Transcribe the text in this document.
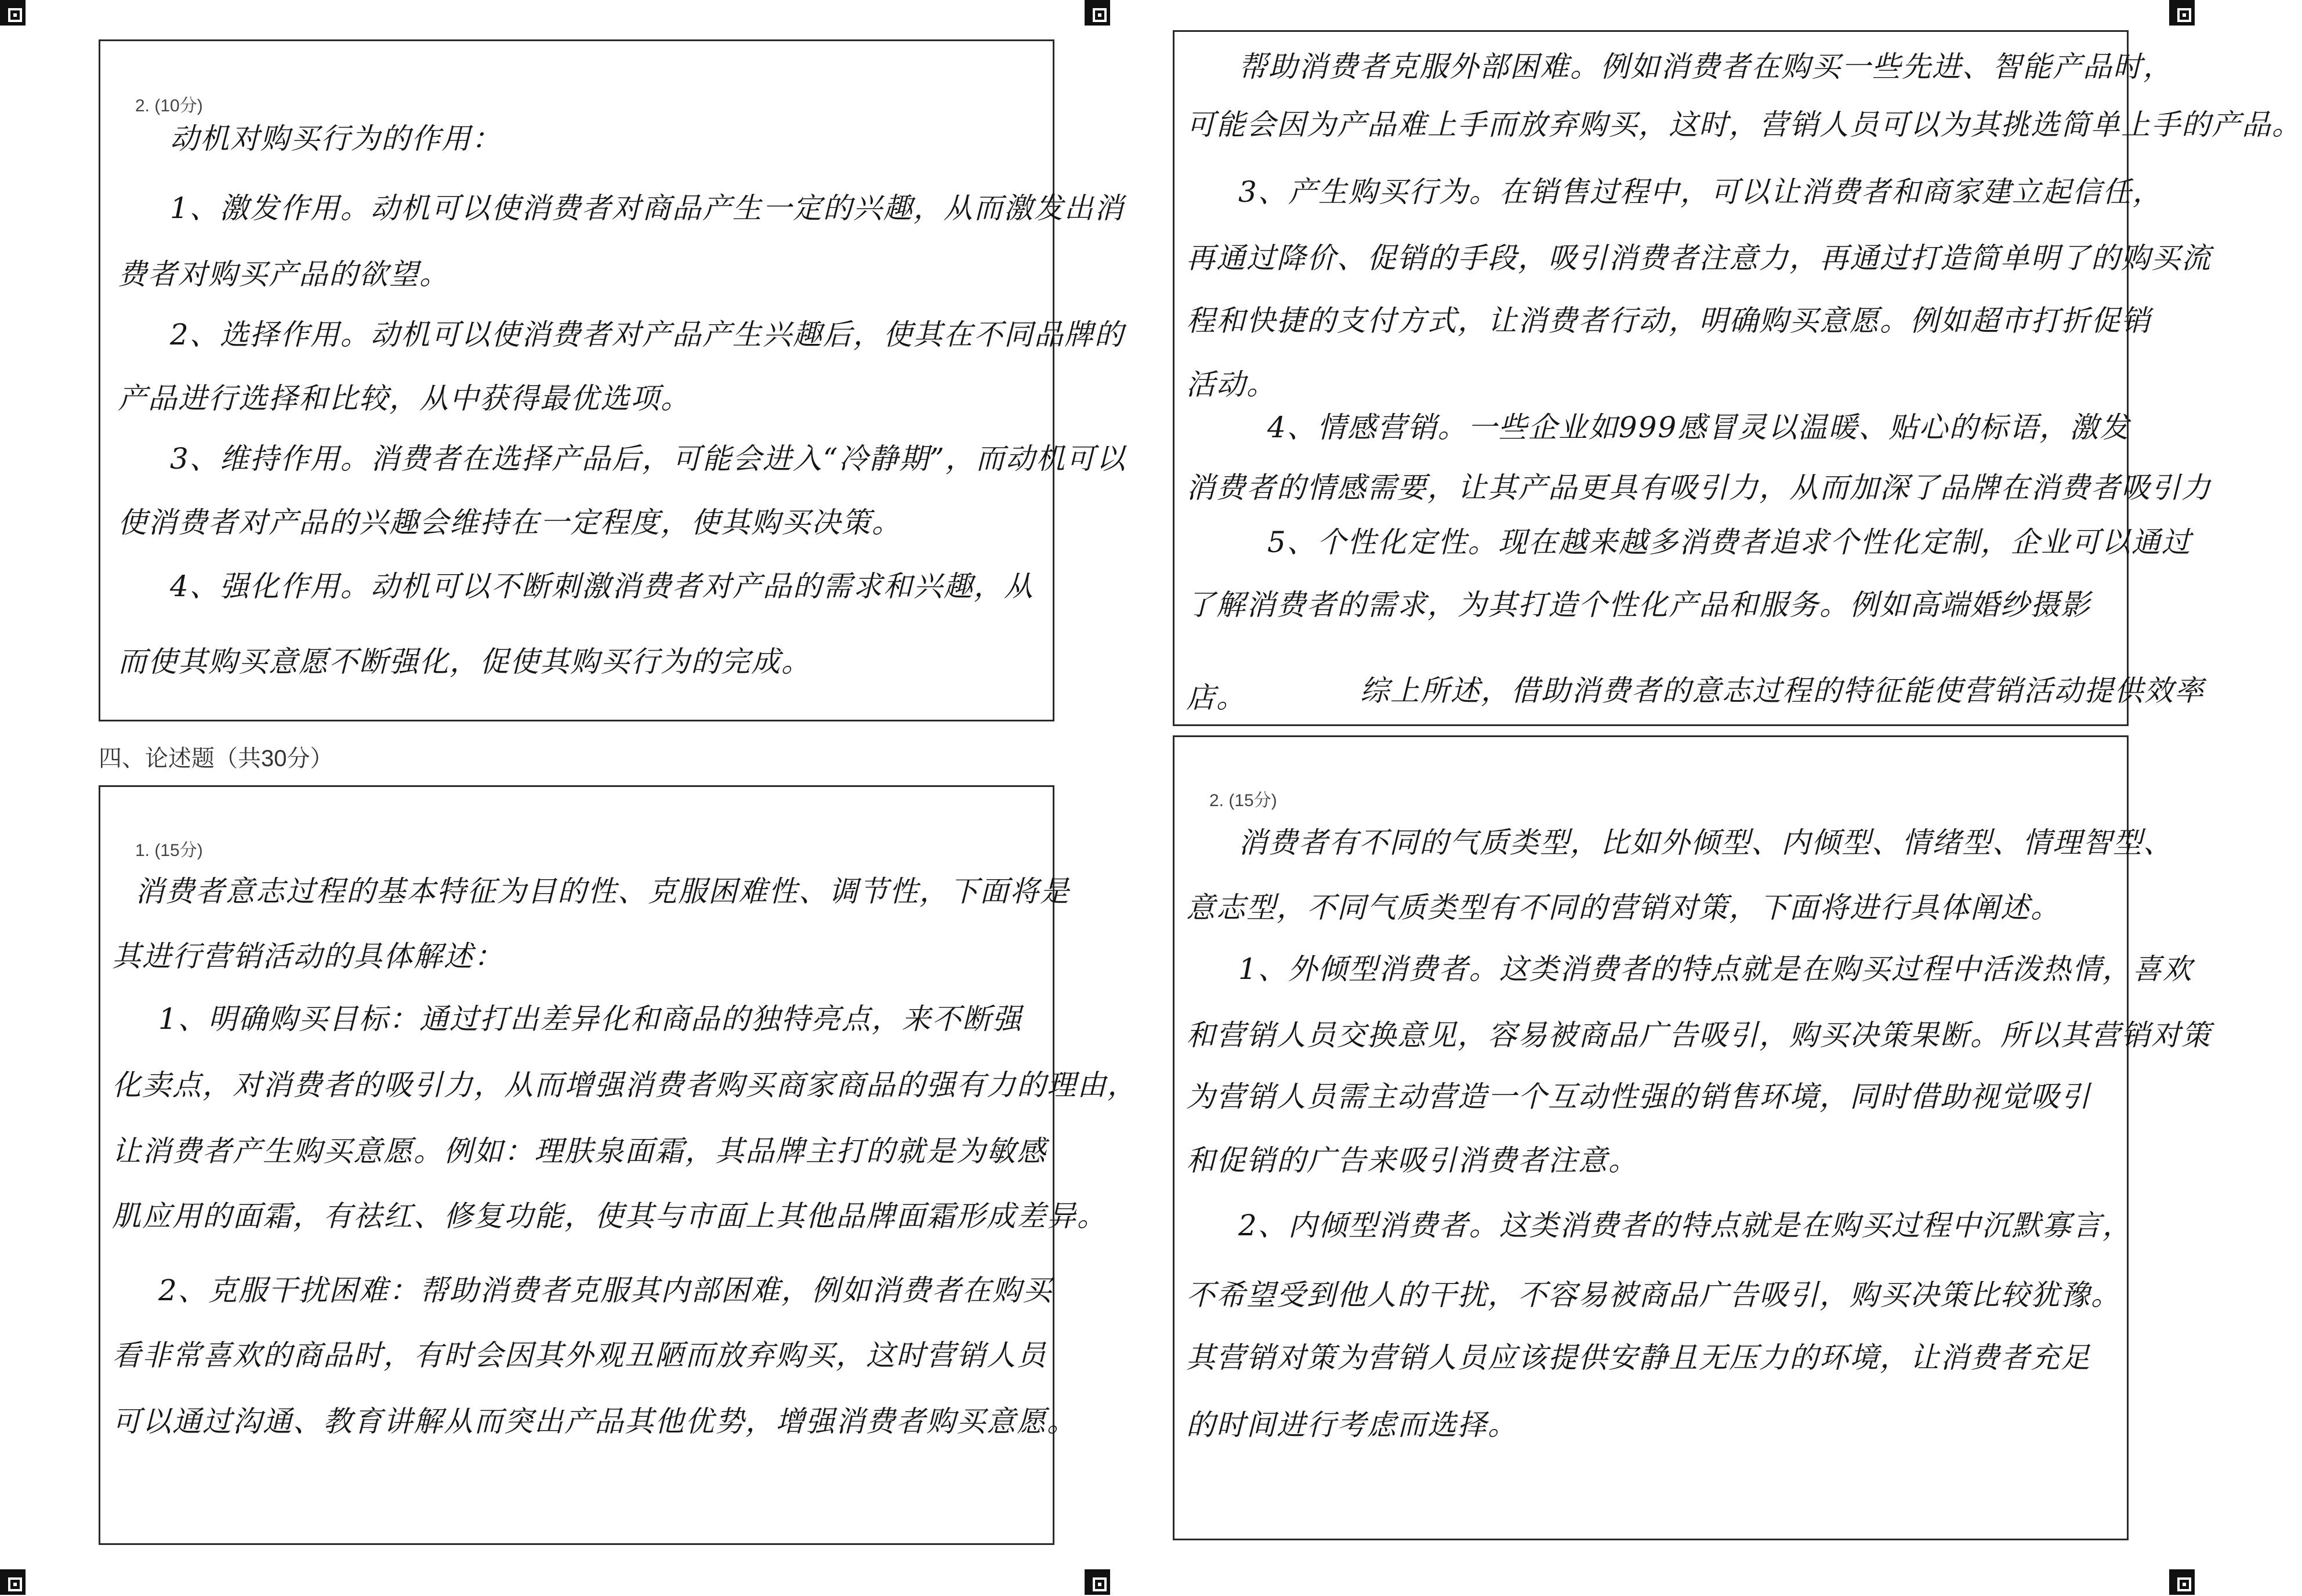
2. (10分)
动机对购买行为的作用：
1、激发作用。动机可以使消费者对商品产生一定的兴趣，从而激发出消
费者对购买产品的欲望。
2、选择作用。动机可以使消费者对产品产生兴趣后，使其在不同品牌的
产品进行选择和比较，从中获得最优选项。
3、维持作用。消费者在选择产品后，可能会进入“冷静期”，而动机可以
使消费者对产品的兴趣会维持在一定程度，使其购买决策。
4、强化作用。动机可以不断刺激消费者对产品的需求和兴趣，从
而使其购买意愿不断强化，促使其购买行为的完成。
四、论述题（共30分）
1. (15分)
消费者意志过程的基本特征为目的性、克服困难性、调节性，下面将是
其进行营销活动的具体解述：
1、明确购买目标：通过打出差异化和商品的独特亮点，来不断强
化卖点，对消费者的吸引力，从而增强消费者购买商家商品的强有力的理由，
让消费者产生购买意愿。例如：理肤泉面霜，其品牌主打的就是为敏感
肌应用的面霜，有祛红、修复功能，使其与市面上其他品牌面霜形成差异。
2、克服干扰困难：帮助消费者克服其内部困难，例如消费者在购买
看非常喜欢的商品时，有时会因其外观丑陋而放弃购买，这时营销人员
可以通过沟通、教育讲解从而突出产品其他优势，增强消费者购买意愿。
帮助消费者克服外部困难。例如消费者在购买一些先进、智能产品时，
可能会因为产品难上手而放弃购买，这时，营销人员可以为其挑选简单上手的产品。
3、产生购买行为。在销售过程中，可以让消费者和商家建立起信任，
再通过降价、促销的手段，吸引消费者注意力，再通过打造简单明了的购买流
程和快捷的支付方式，让消费者行动，明确购买意愿。例如超市打折促销
活动。
4、情感营销。一些企业如999感冒灵以温暖、贴心的标语，激发
消费者的情感需要，让其产品更具有吸引力，从而加深了品牌在消费者吸引力
5、个性化定性。现在越来越多消费者追求个性化定制，企业可以通过
了解消费者的需求，为其打造个性化产品和服务。例如高端婚纱摄影
店。	综上所述，借助消费者的意志过程的特征能使营销活动提供效率
2. (15分)
消费者有不同的气质类型，比如外倾型、内倾型、情绪型、情理智型、
意志型，不同气质类型有不同的营销对策，下面将进行具体阐述。
1、外倾型消费者。这类消费者的特点就是在购买过程中活泼热情，喜欢
和营销人员交换意见，容易被商品广告吸引，购买决策果断。所以其营销对策
为营销人员需主动营造一个互动性强的销售环境，同时借助视觉吸引
和促销的广告来吸引消费者注意。
2、内倾型消费者。这类消费者的特点就是在购买过程中沉默寡言，
不希望受到他人的干扰，不容易被商品广告吸引，购买决策比较犹豫。
其营销对策为营销人员应该提供安静且无压力的环境，让消费者充足
的时间进行考虑而选择。
